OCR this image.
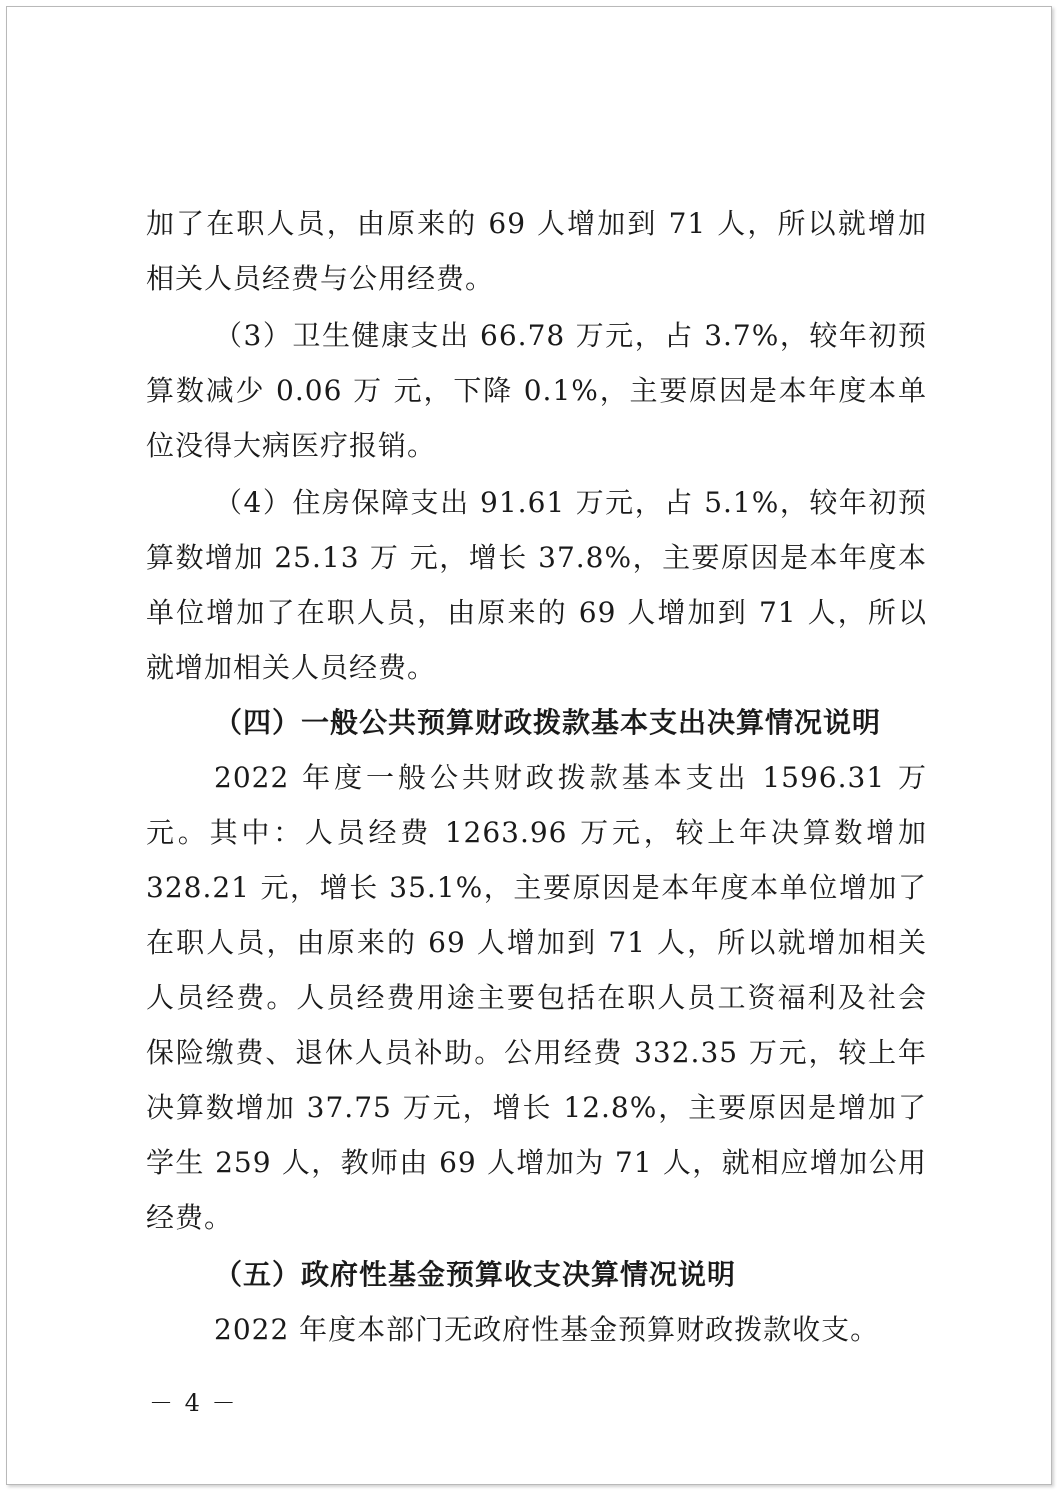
加了在职人员，由原来的 69 人增加到 71 人，所以就增加相关人员经费与公用经费。

（3）卫生健康支出 66.78 万元，占 3.7%，较年初预算数减少 0.06 万 元，下降 0.1%，主要原因是本年度本单位没得大病医疗报销。

（4）住房保障支出 91.61 万元，占 5.1%，较年初预算数增加 25.13 万 元，增长 37.8%，主要原因是本年度本单位增加了在职人员，由原来的 69 人增加到 71 人，所以就增加相关人员经费。

（四）一般公共预算财政拨款基本支出决算情况说明

2022 年度一般公共财政拨款基本支出 1596.31 万元。其中：人员经费 1263.96 万元，较上年决算数增加 328.21 元，增长 35.1%，主要原因是本年度本单位增加了在职人员，由原来的 69 人增加到 71 人，所以就增加相关人员经费。人员经费用途主要包括在职人员工资福利及社会保险缴费、退休人员补助。公用经费 332.35 万元，较上年决算数增加 37.75 万元，增长 12.8%，主要原因是增加了学生 259 人，教师由 69 人增加为 71 人，就相应增加公用经费。

（五）政府性基金预算收支决算情况说明

2022 年度本部门无政府性基金预算财政拨款收支。

－ 4 －
